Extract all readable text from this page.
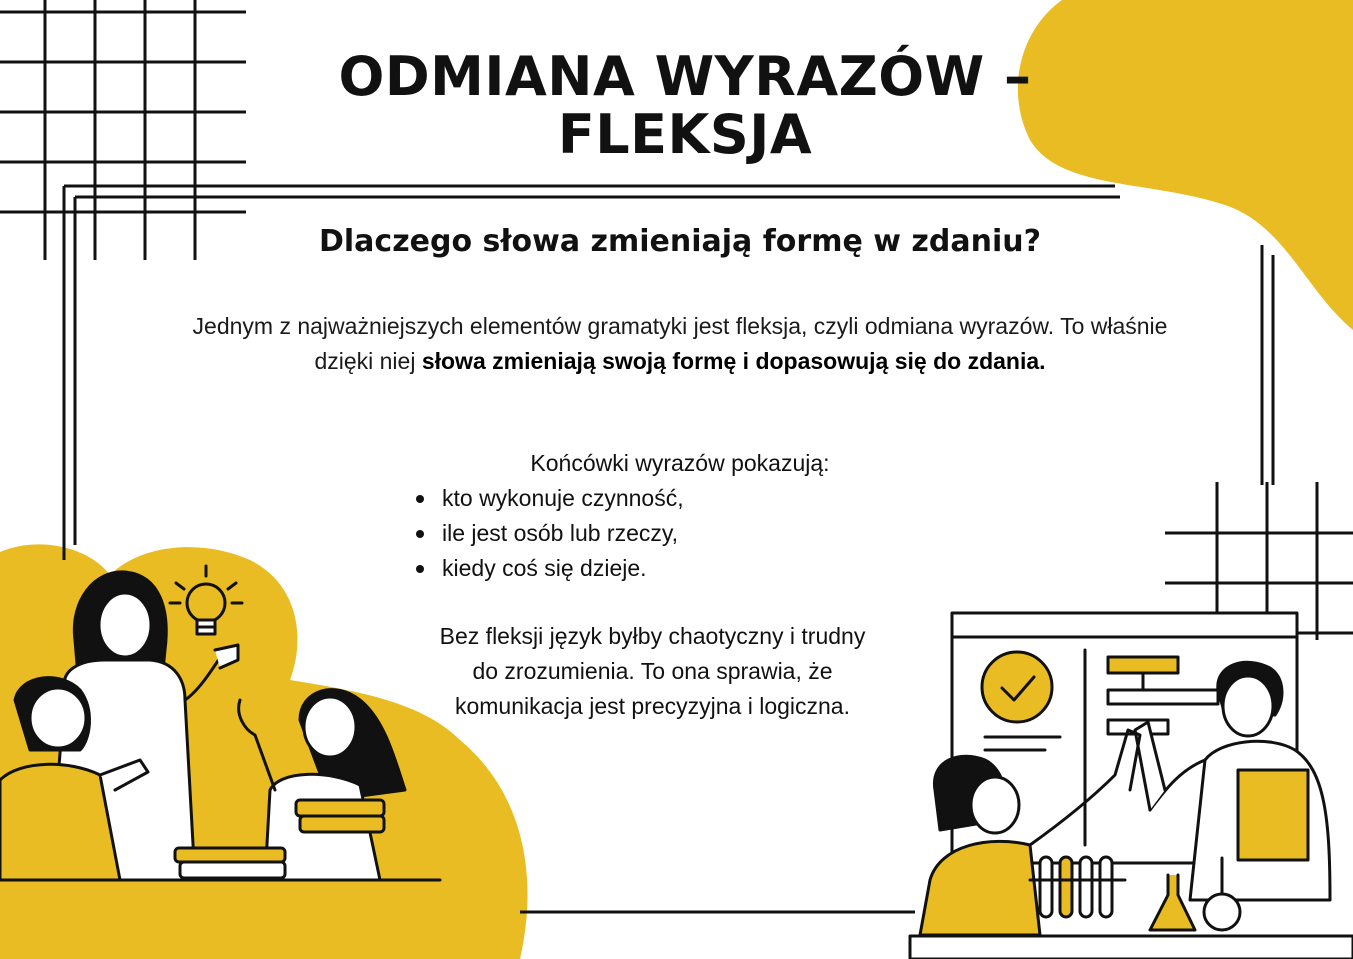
ODMIANA WYRAZÓW –
FLEKSJA
Dlaczego słowa zmieniają formę w zdaniu?

Jednym z najważniejszych elementów gramatyki jest fleksja, czyli odmiana wyrazów. To właśnie dzięki niej słowa zmieniają swoją formę i dopasowują się do zdania.

Końcówki wyrazów pokazują:

kto wykonuje czynność,
ile jest osób lub rzeczy,
kiedy coś się dzieje.

Bez fleksji język byłby chaotyczny i trudny do zrozumienia. To ona sprawia, że komunikacja jest precyzyjna i logiczna.
